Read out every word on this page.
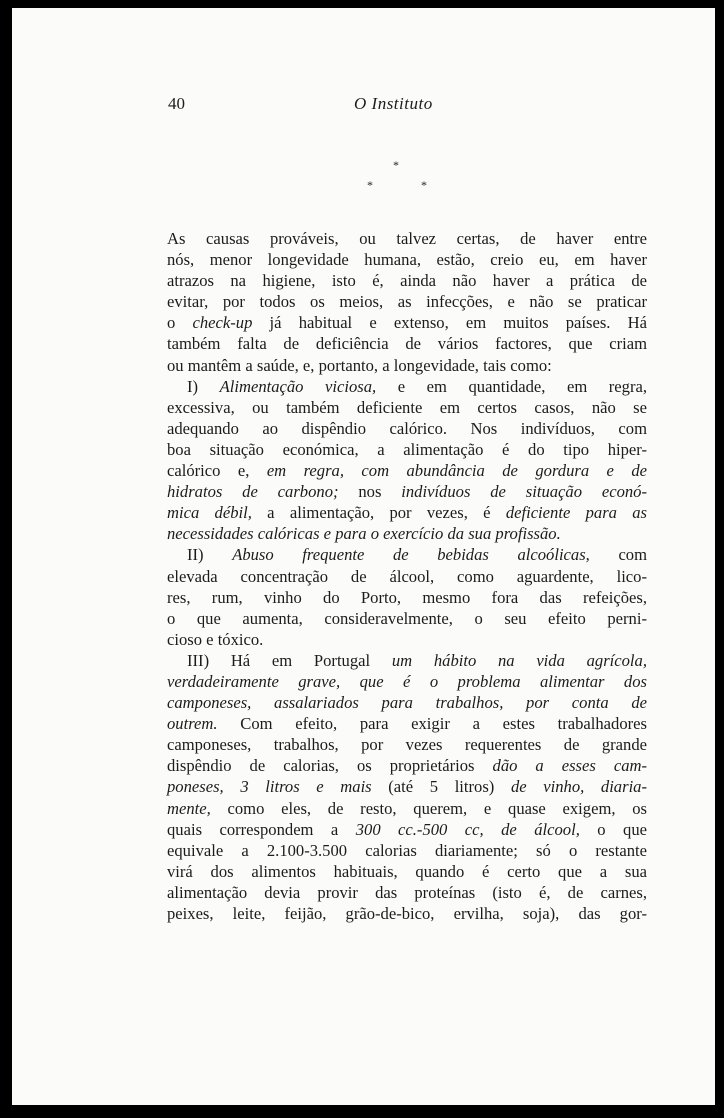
40	O Instituto
*
*	*
As causas prováveis, ou talvez certas, de haver entre
nós, menor longevidade humana, estão, creio eu, em haver
atrazos na higiene, isto é, ainda não haver a prática de
evitar, por todos os meios, as infecções, e não se praticar
o check-up já habitual e extenso, em muitos países. Há
também falta de deficiência de vários factores, que criam
ou mantêm a saúde, e, portanto, a longevidade, tais como:
I) Alimentação viciosa, e em quantidade, em regra,
excessiva, ou também deficiente em certos casos, não se
adequando ao dispêndio calórico. Nos indivíduos, com
boa situação económica, a alimentação é do tipo hiper-
calórico e, em regra, com abundância de gordura e de
hidratos de carbono; nos indivíduos de situação econó-
mica débil, a alimentação, por vezes, é deficiente para as
necessidades calóricas e para o exercício da sua profissão.
II) Abuso frequente de bebidas alcoólicas, com
elevada concentração de álcool, como aguardente, lico-
res, rum, vinho do Porto, mesmo fora das refeições,
o que aumenta, consideravelmente, o seu efeito perni-
cioso e tóxico.
III) Há em Portugal um hábito na vida agrícola,
verdadeiramente grave, que é o problema alimentar dos
camponeses, assalariados para trabalhos, por conta de
outrem. Com efeito, para exigir a estes trabalhadores
camponeses, trabalhos, por vezes requerentes de grande
dispêndio de calorias, os proprietários dão a esses cam-
poneses, 3 litros e mais (até 5 litros) de vinho, diaria-
mente, como eles, de resto, querem, e quase exigem, os
quais correspondem a 300 cc.-500 cc, de álcool, o que
equivale a 2.100-3.500 calorias diariamente; só o restante
virá dos alimentos habituais, quando é certo que a sua
alimentação devia provir das proteínas (isto é, de carnes,
peixes, leite, feijão, grão-de-bico, ervilha, soja), das gor-
